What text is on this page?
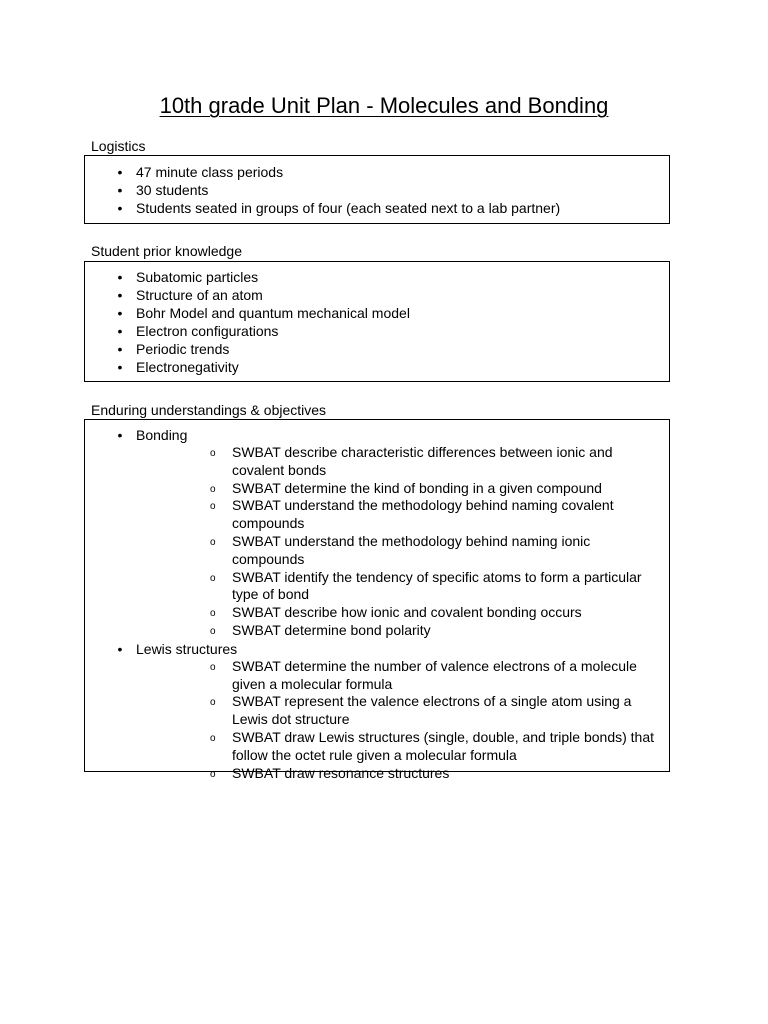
10th grade Unit Plan - Molecules and Bonding

Logistics

• 47 minute class periods
• 30 students
• Students seated in groups of four (each seated next to a lab partner)

Student prior knowledge

• Subatomic particles
• Structure of an atom
• Bohr Model and quantum mechanical model
• Electron configurations
• Periodic trends
• Electronegativity

Enduring understandings & objectives

• Bonding
o SWBAT describe characteristic differences between ionic and covalent bonds
o SWBAT determine the kind of bonding in a given compound
o SWBAT understand the methodology behind naming covalent compounds
o SWBAT understand the methodology behind naming ionic compounds
o SWBAT identify the tendency of specific atoms to form a particular type of bond
o SWBAT describe how ionic and covalent bonding occurs
o SWBAT determine bond polarity
• Lewis structures
o SWBAT determine the number of valence electrons of a molecule given a molecular formula
o SWBAT represent the valence electrons of a single atom using a Lewis dot structure
o SWBAT draw Lewis structures (single, double, and triple bonds) that follow the octet rule given a molecular formula
o SWBAT draw resonance structures
